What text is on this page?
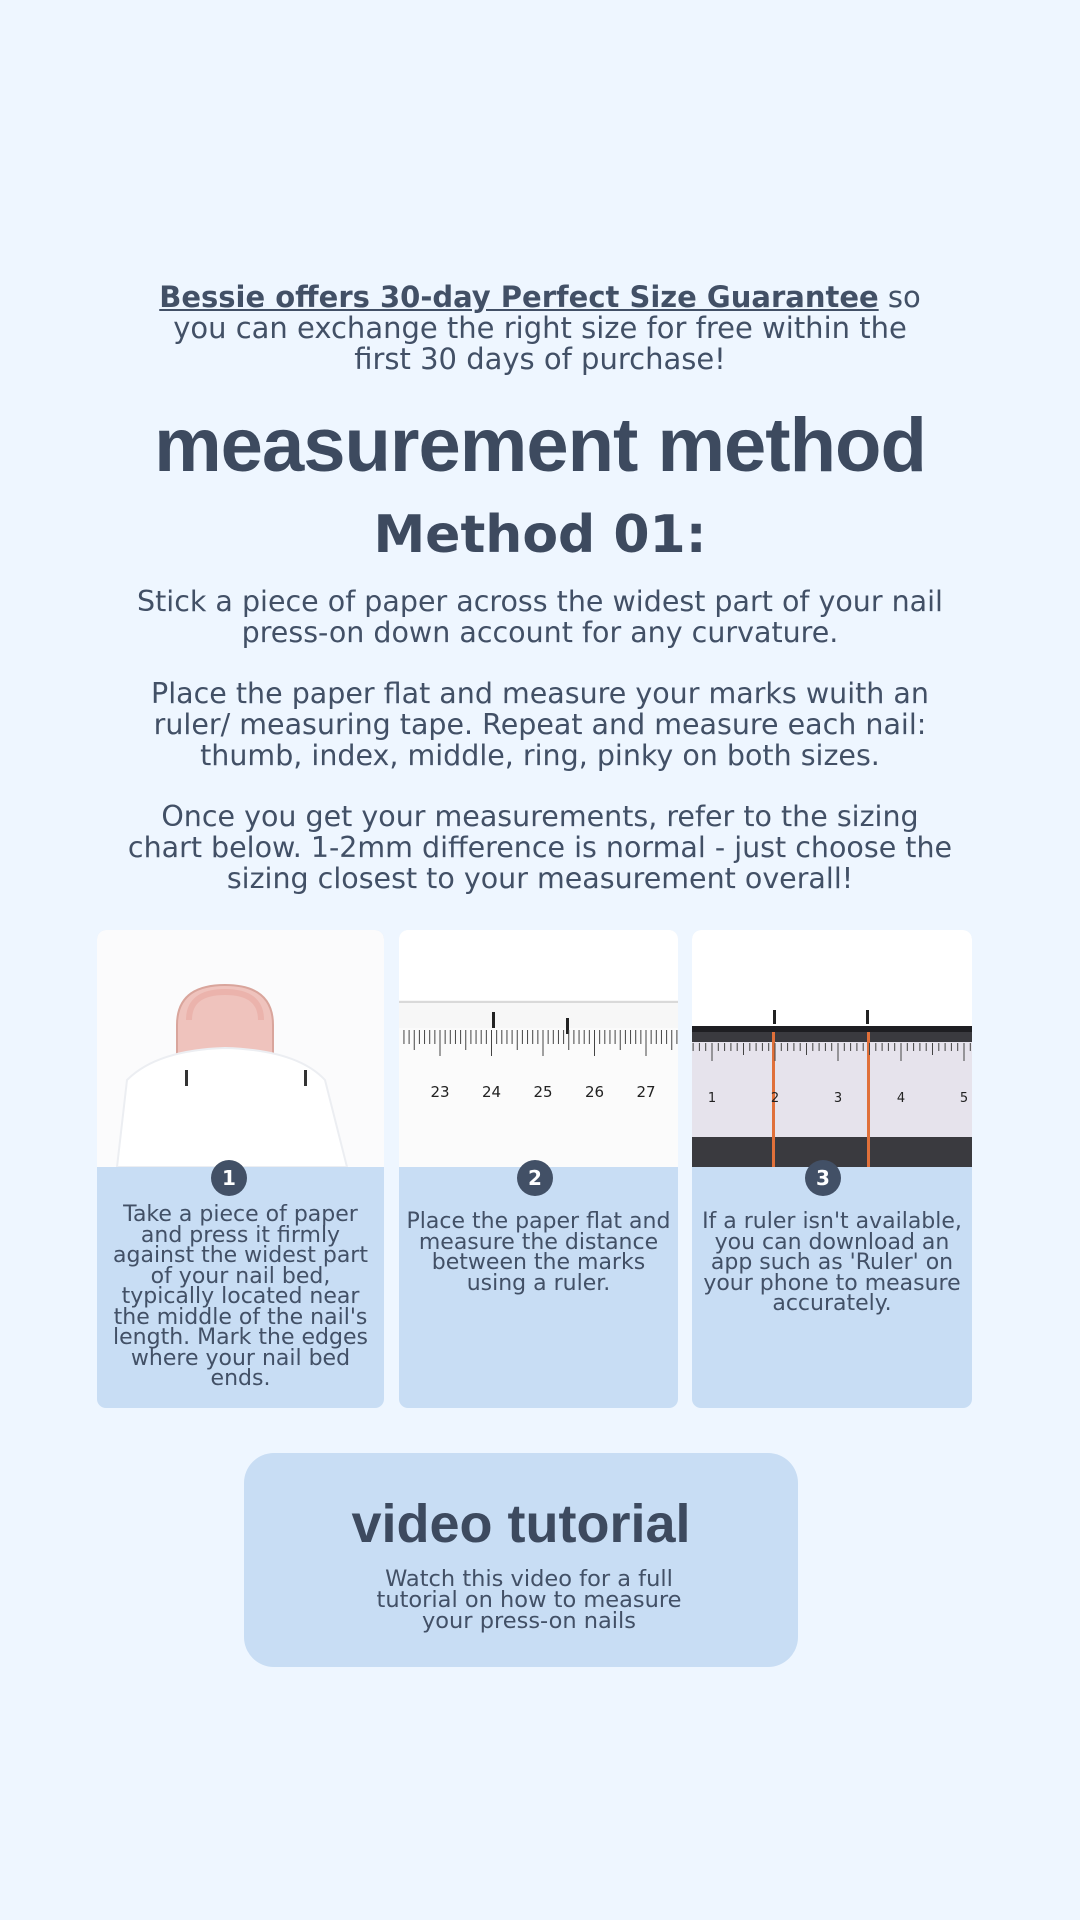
Bessie offers 30-day Perfect Size Guarantee so you can exchange the right size for free within the first 30 days of purchase!
measurement method
Method 01:

Stick a piece of paper across the widest part of your nail press-on down account for any curvature.

Place the paper flat and measure your marks wuith an ruler/ measuring tape. Repeat and measure each nail: thumb, index, middle, ring, pinky on both sizes.

Once you get your measurements, refer to the sizing chart below. 1-2mm difference is normal - just choose the sizing closest to your measurement overall!

Take a piece of paper and press it firmly against the widest part of your nail bed, typically located near the middle of the nail's length. Mark the edges where your nail bed ends.
1
23 24 25 26 27
Place the paper flat and measure the distance between the marks using a ruler.
2
1	2	3	4	5
If a ruler isn't available, you can download an app such as 'Ruler' on your phone to measure accurately.
3
video tutorial
Watch this video for a full tutorial on how to measure your press-on nails
